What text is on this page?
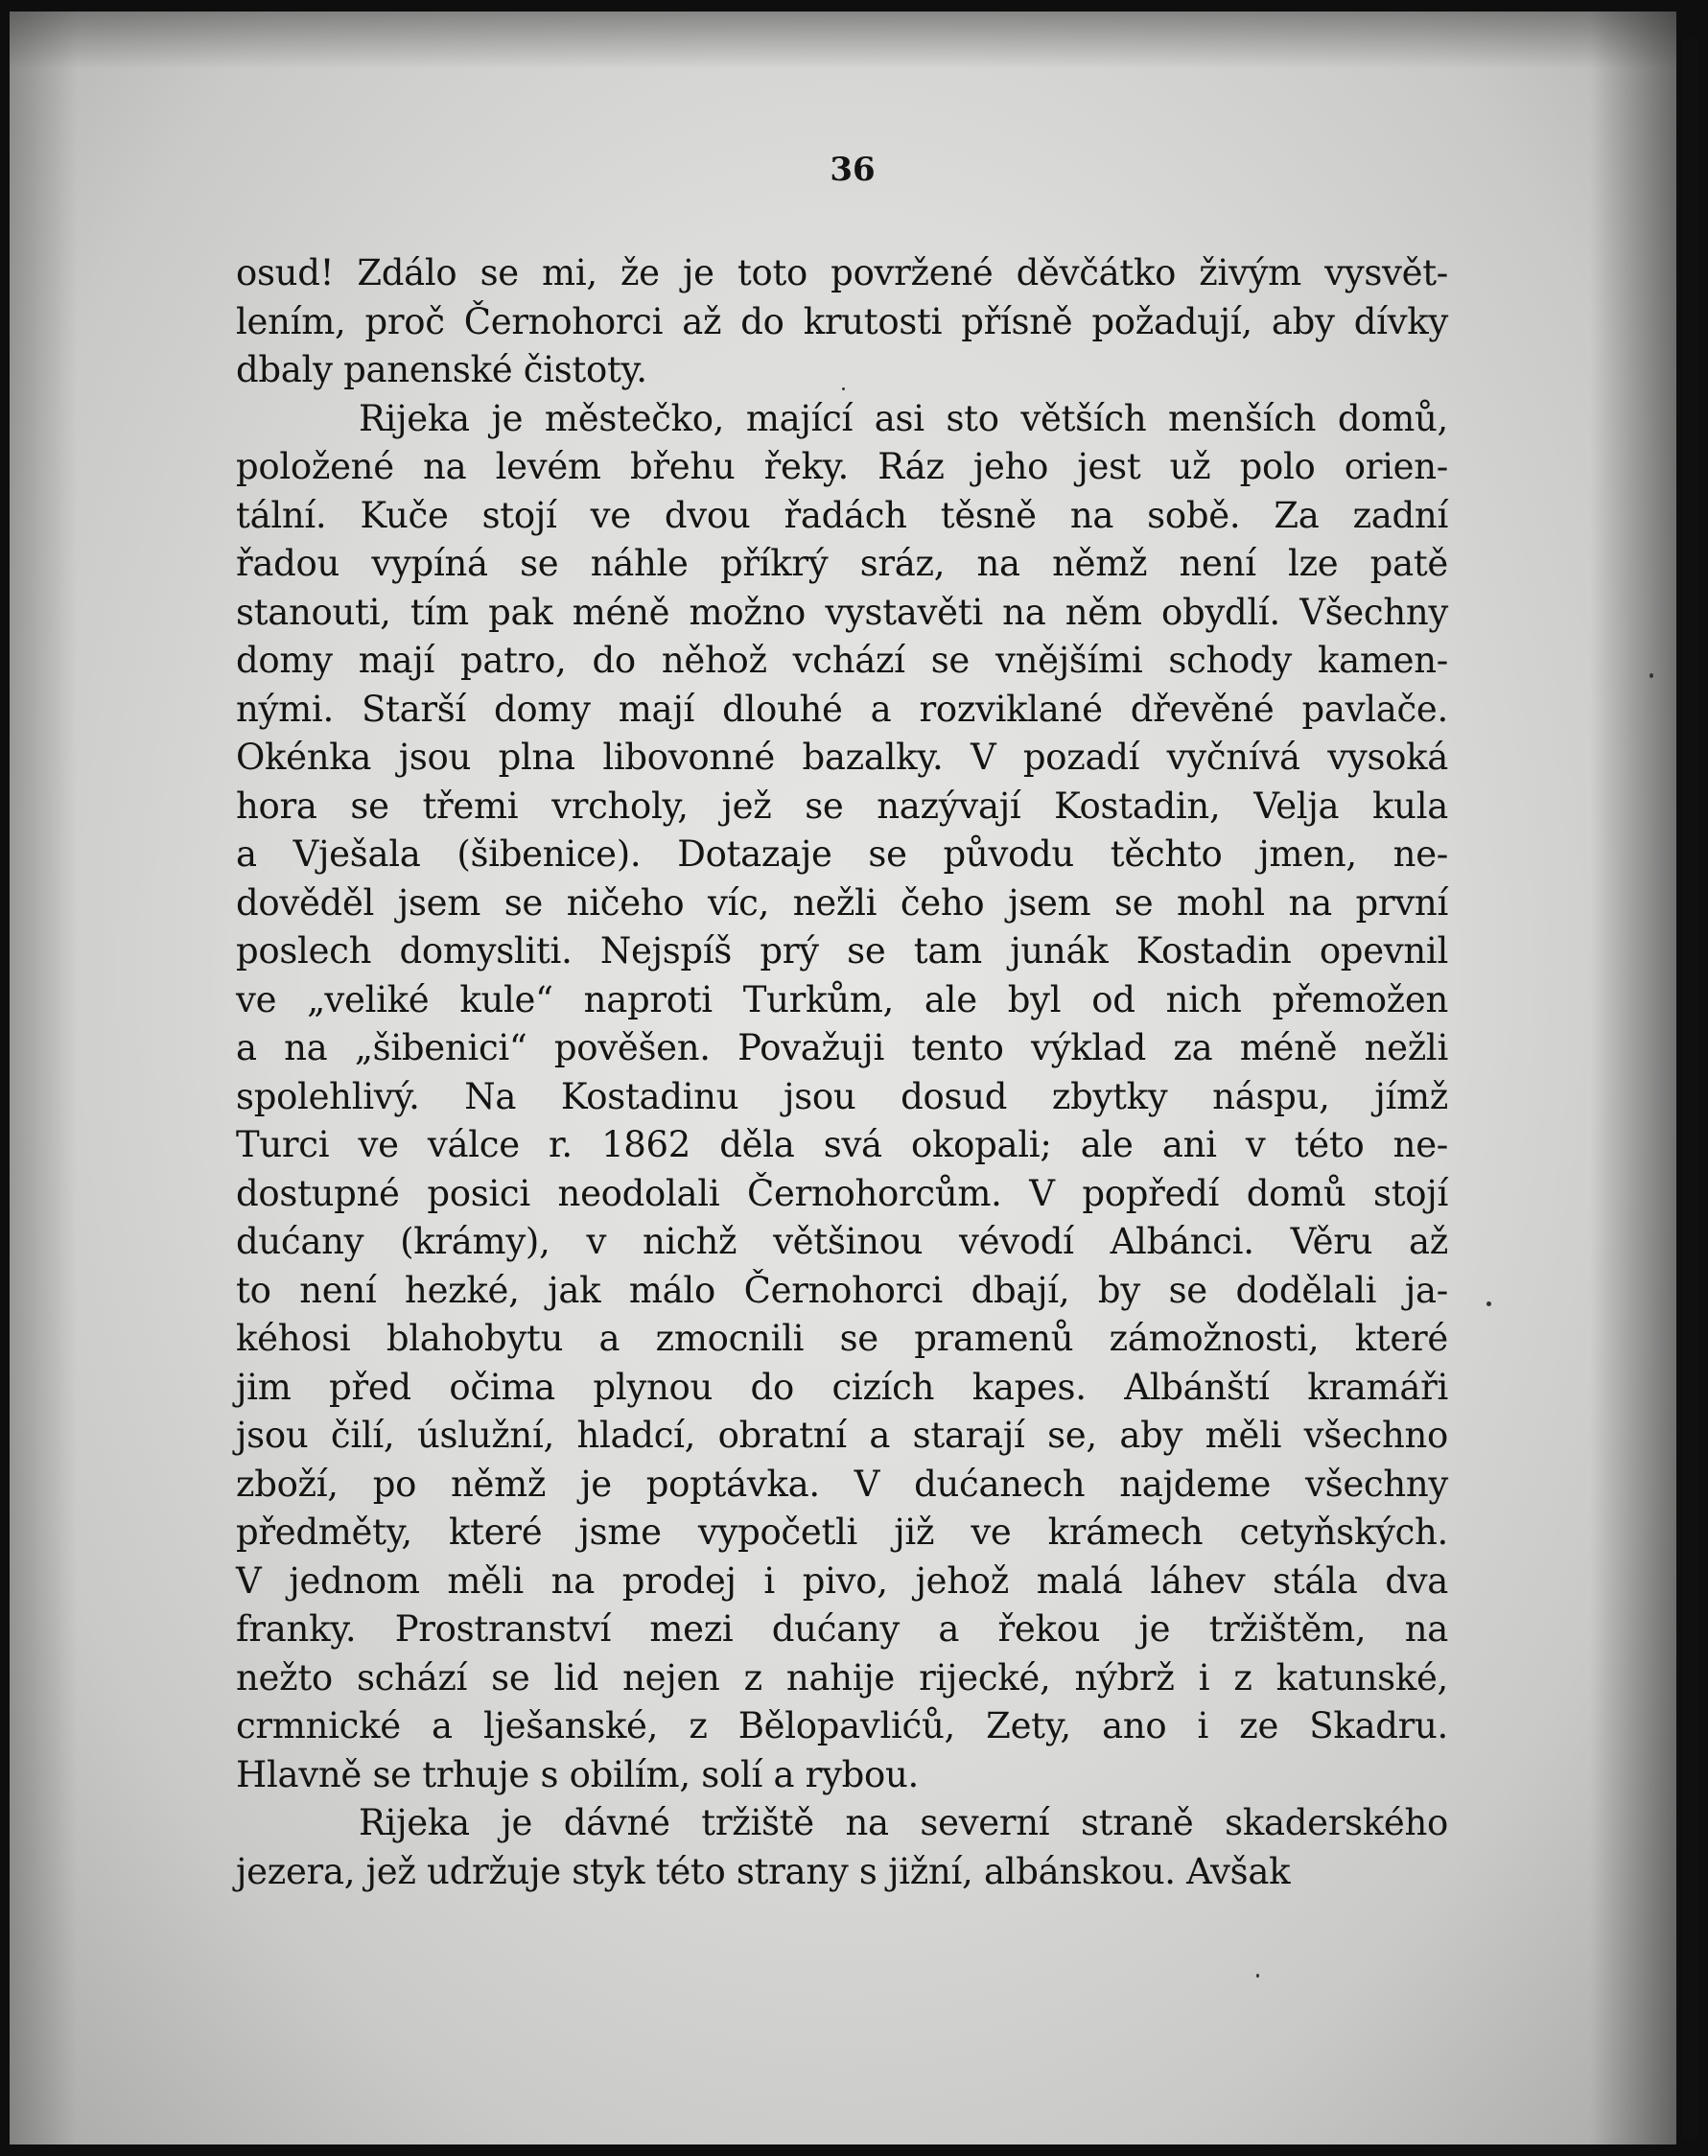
36
osud! Zdálo se mi, že je toto povržené děvčátko živým vysvět-
lením, proč Černohorci až do krutosti přísně požadují, aby dívky
dbaly panenské čistoty.
Rijeka je městečko, mající asi sto větších menších domů,
položené na levém břehu řeky. Ráz jeho jest už polo orien-
tální. Kuče stojí ve dvou řadách těsně na sobě. Za zadní
řadou vypíná se náhle příkrý sráz, na němž není lze patě
stanouti, tím pak méně možno vystavěti na něm obydlí. Všechny
domy mají patro, do něhož vchází se vnějšími schody kamen-
nými. Starší domy mají dlouhé a rozviklané dřevěné pavlače.
Okénka jsou plna libovonné bazalky. V pozadí vyčnívá vysoká
hora se třemi vrcholy, jež se nazývají Kostadin, Velja kula
a Vješala (šibenice). Dotazaje se původu těchto jmen, ne-
dověděl jsem se ničeho víc, nežli čeho jsem se mohl na první
poslech domysliti. Nejspíš prý se tam junák Kostadin opevnil
ve „veliké kule“ naproti Turkům, ale byl od nich přemožen
a na „šibenici“ pověšen. Považuji tento výklad za méně nežli
spolehlivý. Na Kostadinu jsou dosud zbytky náspu, jímž
Turci ve válce r. 1862 děla svá okopali; ale ani v této ne-
dostupné posici neodolali Černohorcům. V popředí domů stojí
dućany (krámy), v nichž většinou vévodí Albánci. Věru až
to není hezké, jak málo Černohorci dbají, by se dodělali ja-
kéhosi blahobytu a zmocnili se pramenů zámožnosti, které
jim před očima plynou do cizích kapes. Albánští kramáři
jsou čilí, úslužní, hladcí, obratní a starají se, aby měli všechno
zboží, po němž je poptávka. V dućanech najdeme všechny
předměty, které jsme vypočetli již ve krámech cetyňských.
V jednom měli na prodej i pivo, jehož malá láhev stála dva
franky. Prostranství mezi dućany a řekou je tržištěm, na
nežto schází se lid nejen z nahije rijecké, nýbrž i z katunské,
crmnické a lješanské, z Bělopavlićů, Zety, ano i ze Skadru.
Hlavně se trhuje s obilím, solí a rybou.
Rijeka je dávné tržiště na severní straně skaderského
jezera, jež udržuje styk této strany s jižní, albánskou. Avšak
